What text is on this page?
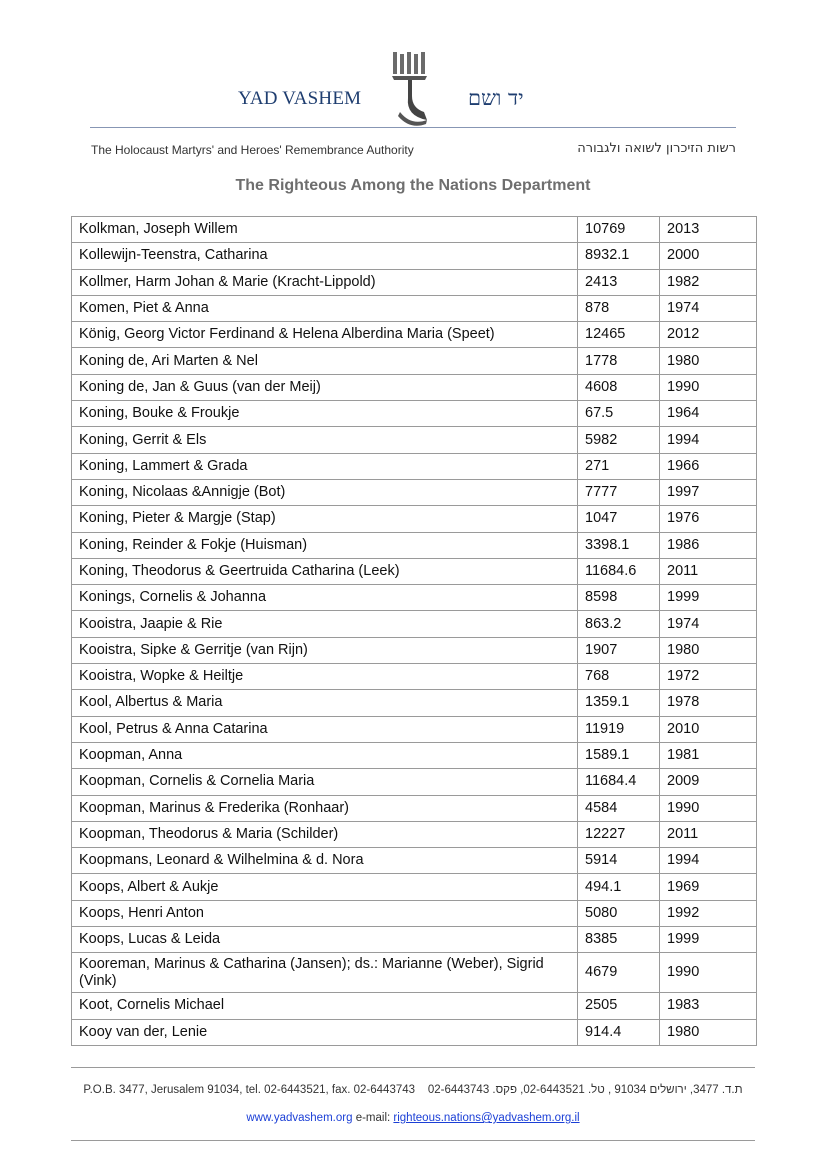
YAD VASHEM	יד ושם
The Holocaust Martyrs' and Heroes' Remembrance Authority	רשות הזיכרון לשואה ולגבורה
The Righteous Among the Nations Department
Kolkman, Joseph Willem	10769	2013
Kollewijn-Teenstra, Catharina	8932.1	2000
Kollmer, Harm Johan & Marie (Kracht-Lippold)	2413	1982
Komen, Piet & Anna	878	1974
König, Georg Victor Ferdinand & Helena Alberdina Maria (Speet)	12465	2012
Koning de, Ari Marten & Nel	1778	1980
Koning de, Jan & Guus (van der Meij)	4608	1990
Koning, Bouke & Froukje	67.5	1964
Koning, Gerrit & Els	5982	1994
Koning, Lammert & Grada	271	1966
Koning, Nicolaas &Annigje (Bot)	7777	1997
Koning, Pieter & Margje (Stap)	1047	1976
Koning, Reinder & Fokje (Huisman)	3398.1	1986
Koning, Theodorus & Geertruida Catharina (Leek)	11684.6	2011
Konings, Cornelis & Johanna	8598	1999
Kooistra, Jaapie & Rie	863.2	1974
Kooistra, Sipke & Gerritje (van Rijn)	1907	1980
Kooistra, Wopke & Heiltje	768	1972
Kool, Albertus & Maria	1359.1	1978
Kool, Petrus & Anna Catarina	11919	2010
Koopman, Anna	1589.1	1981
Koopman, Cornelis & Cornelia Maria	11684.4	2009
Koopman, Marinus & Frederika (Ronhaar)	4584	1990
Koopman, Theodorus & Maria (Schilder)	12227	2011
Koopmans, Leonard & Wilhelmina & d. Nora	5914	1994
Koops, Albert & Aukje	494.1	1969
Koops, Henri Anton	5080	1992
Koops, Lucas & Leida	8385	1999
Kooreman, Marinus & Catharina (Jansen); ds.: Marianne (Weber), Sigrid (Vink)	4679	1990
Koot, Cornelis Michael	2505	1983
Kooy van der, Lenie	914.4	1980
P.O.B. 3477, Jerusalem 91034, tel. 02-6443521, fax. 02-6443743 ת.ד. 3477, ירושלים 91034 , טל. 02-6443521, פקס. 02-6443743
www.yadvashem.org e-mail: righteous.nations@yadvashem.org.il
